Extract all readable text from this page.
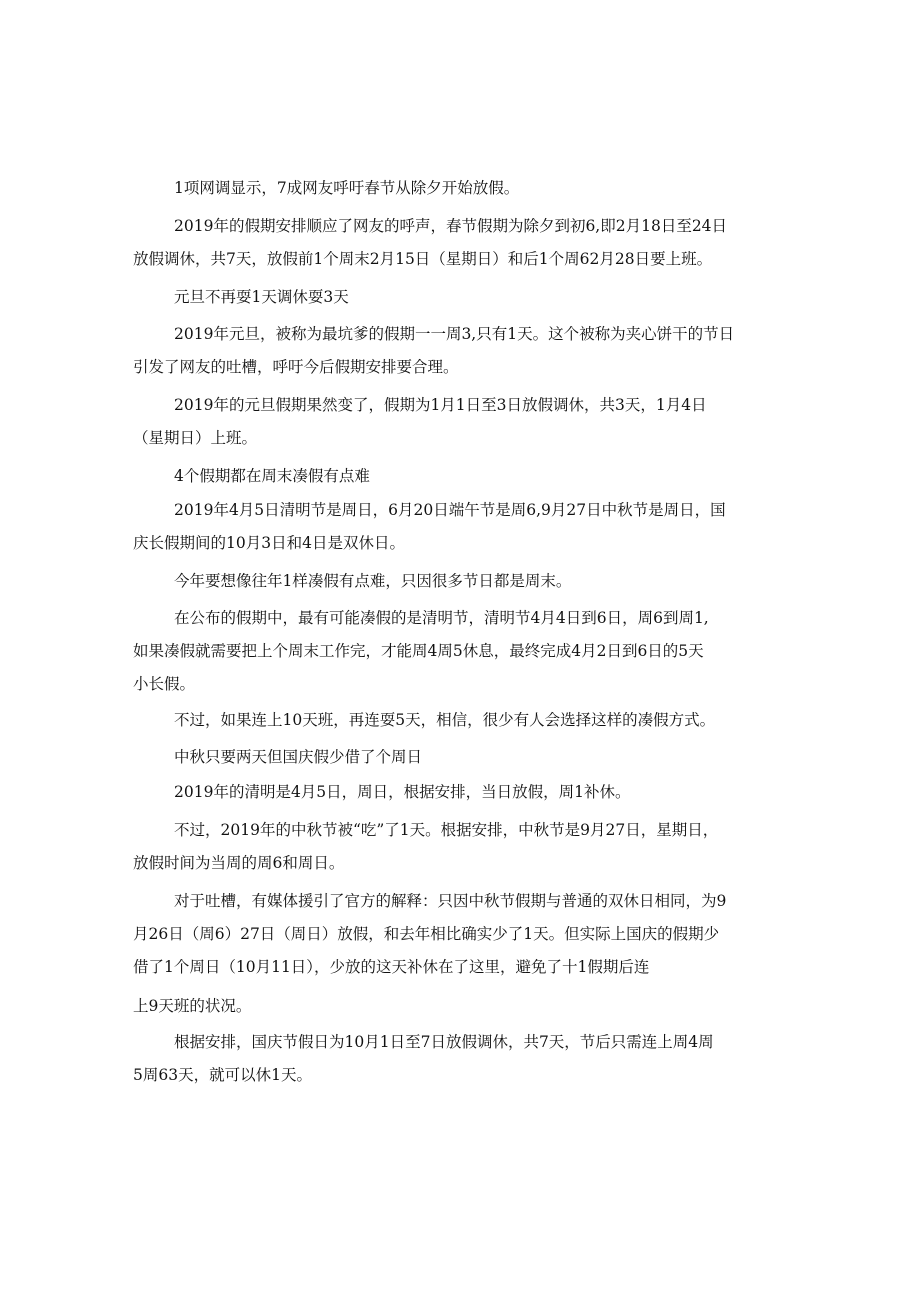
1项网调显示，7成网友呼吁春节从除夕开始放假。

2019年的假期安排顺应了网友的呼声，春节假期为除夕到初6,即2月18日至24日

放假调休，共7天，放假前1个周末2月15日（星期日）和后1个周62月28日要上班。

元旦不再耍1天调休耍3天

2019年元旦，被称为最坑爹的假期一一周3,只有1天。这个被称为夹心饼干的节日

引发了网友的吐槽，呼吁今后假期安排要合理。

2019年的元旦假期果然变了，假期为1月1日至3日放假调休，共3天，1月4日

（星期日）上班。

4个假期都在周末凑假有点难

2019年4月5日清明节是周日，6月20日端午节是周6,9月27日中秋节是周日，国

庆长假期间的10月3日和4日是双休日。

今年要想像往年1样凑假有点难，只因很多节日都是周末。

在公布的假期中，最有可能凑假的是清明节，清明节4月4日到6日，周6到周1,

如果凑假就需要把上个周末工作完，才能周4周5休息，最终完成4月2日到6日的5天

小长假。

不过，如果连上10天班，再连耍5天，相信，很少有人会选择这样的凑假方式。

中秋只要两天但国庆假少借了个周日

2019年的清明是4月5日，周日，根据安排，当日放假，周1补休。

不过，2019年的中秋节被“吃”了1天。根据安排，中秋节是9月27日，星期日，

放假时间为当周的周6和周日。

对于吐槽，有媒体援引了官方的解释：只因中秋节假期与普通的双休日相同，为9

月26日（周6）27日（周日）放假，和去年相比确实少了1天。但实际上国庆的假期少

借了1个周日（10月11日），少放的这天补休在了这里，避免了十1假期后连

上9天班的状况。

根据安排，国庆节假日为10月1日至7日放假调休，共7天，节后只需连上周4周

5周63天，就可以休1天。
